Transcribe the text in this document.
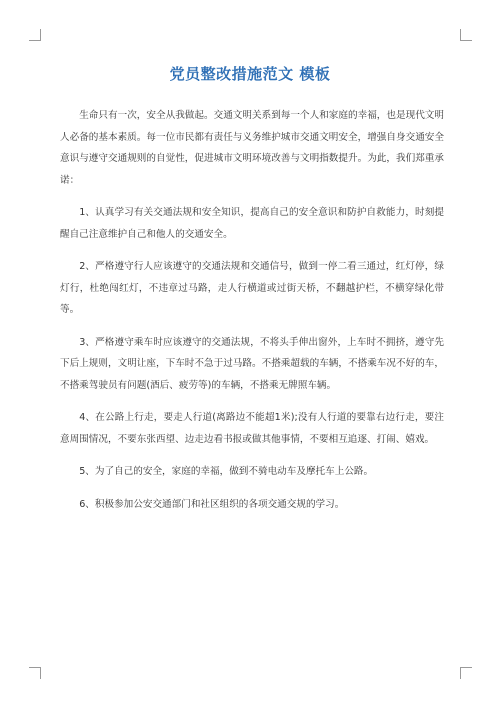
党员整改措施范文 模板

生命只有一次，安全从我做起。交通文明关系到每一个人和家庭的幸福，也是现代文明人必备的基本素质。每一位市民都有责任与义务维护城市交通文明安全，增强自身交通安全意识与遵守交通规则的自觉性，促进城市文明环境改善与文明指数提升。为此，我们郑重承诺：

1、认真学习有关交通法规和安全知识，提高自己的安全意识和防护自救能力，时刻提醒自己注意维护自己和他人的交通安全。

2、严格遵守行人应该遵守的交通法规和交通信号，做到一停二看三通过，红灯停，绿灯行，杜绝闯红灯，不违章过马路，走人行横道或过街天桥，不翻越护栏，不横穿绿化带等。

3、严格遵守乘车时应该遵守的交通法规，不将头手伸出窗外，上车时不拥挤，遵守先下后上规则，文明让座，下车时不急于过马路。不搭乘超载的车辆，不搭乘车况不好的车，不搭乘驾驶员有问题(酒后、疲劳等)的车辆，不搭乘无牌照车辆。

4、在公路上行走，要走人行道(离路边不能超1米);没有人行道的要靠右边行走，要注意周围情况，不要东张西望、边走边看书报或做其他事情，不要相互追逐、打闹、嬉戏。

5、为了自己的安全，家庭的幸福，做到不骑电动车及摩托车上公路。

6、积极参加公安交通部门和社区组织的各项交通交规的学习。
